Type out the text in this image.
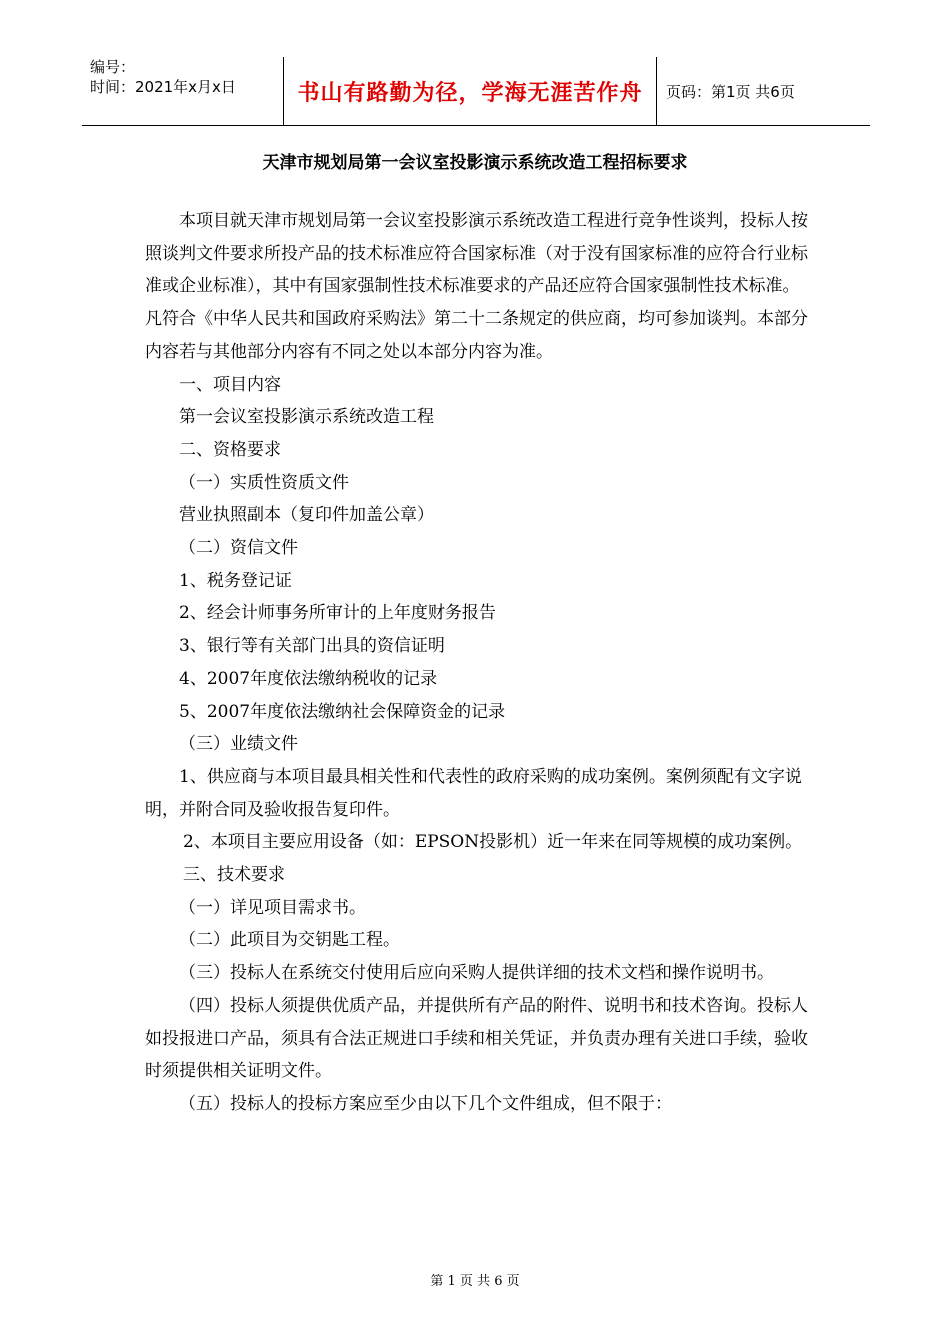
编号：
时间：2021年x月x日	书山有路勤为径，学海无涯苦作舟	页码：第1页 共6页
天津市规划局第一会议室投影演示系统改造工程招标要求

本项目就天津市规划局第一会议室投影演示系统改造工程进行竞争性谈判，投标人按照谈判文件要求所投产品的技术标准应符合国家标准（对于没有国家标准的应符合行业标准或企业标准），其中有国家强制性技术标准要求的产品还应符合国家强制性技术标准。凡符合《中华人民共和国政府采购法》第二十二条规定的供应商，均可参加谈判。本部分内容若与其他部分内容有不同之处以本部分内容为准。

一、项目内容

第一会议室投影演示系统改造工程

二、资格要求

（一）实质性资质文件

营业执照副本（复印件加盖公章）

（二）资信文件

1、税务登记证

2、经会计师事务所审计的上年度财务报告

3、银行等有关部门出具的资信证明

4、2007年度依法缴纳税收的记录

5、2007年度依法缴纳社会保障资金的记录

（三）业绩文件

1、供应商与本项目最具相关性和代表性的政府采购的成功案例。案例须配有文字说明，并附合同及验收报告复印件。

2、本项目主要应用设备（如：EPSON投影机）近一年来在同等规模的成功案例。

三、技术要求

（一）详见项目需求书。

（二）此项目为交钥匙工程。

（三）投标人在系统交付使用后应向采购人提供详细的技术文档和操作说明书。

（四）投标人须提供优质产品，并提供所有产品的附件、说明书和技术咨询。投标人如投报进口产品，须具有合法正规进口手续和相关凭证，并负责办理有关进口手续，验收时须提供相关证明文件。

（五）投标人的投标方案应至少由以下几个文件组成，但不限于：

第 1 页 共 6 页
